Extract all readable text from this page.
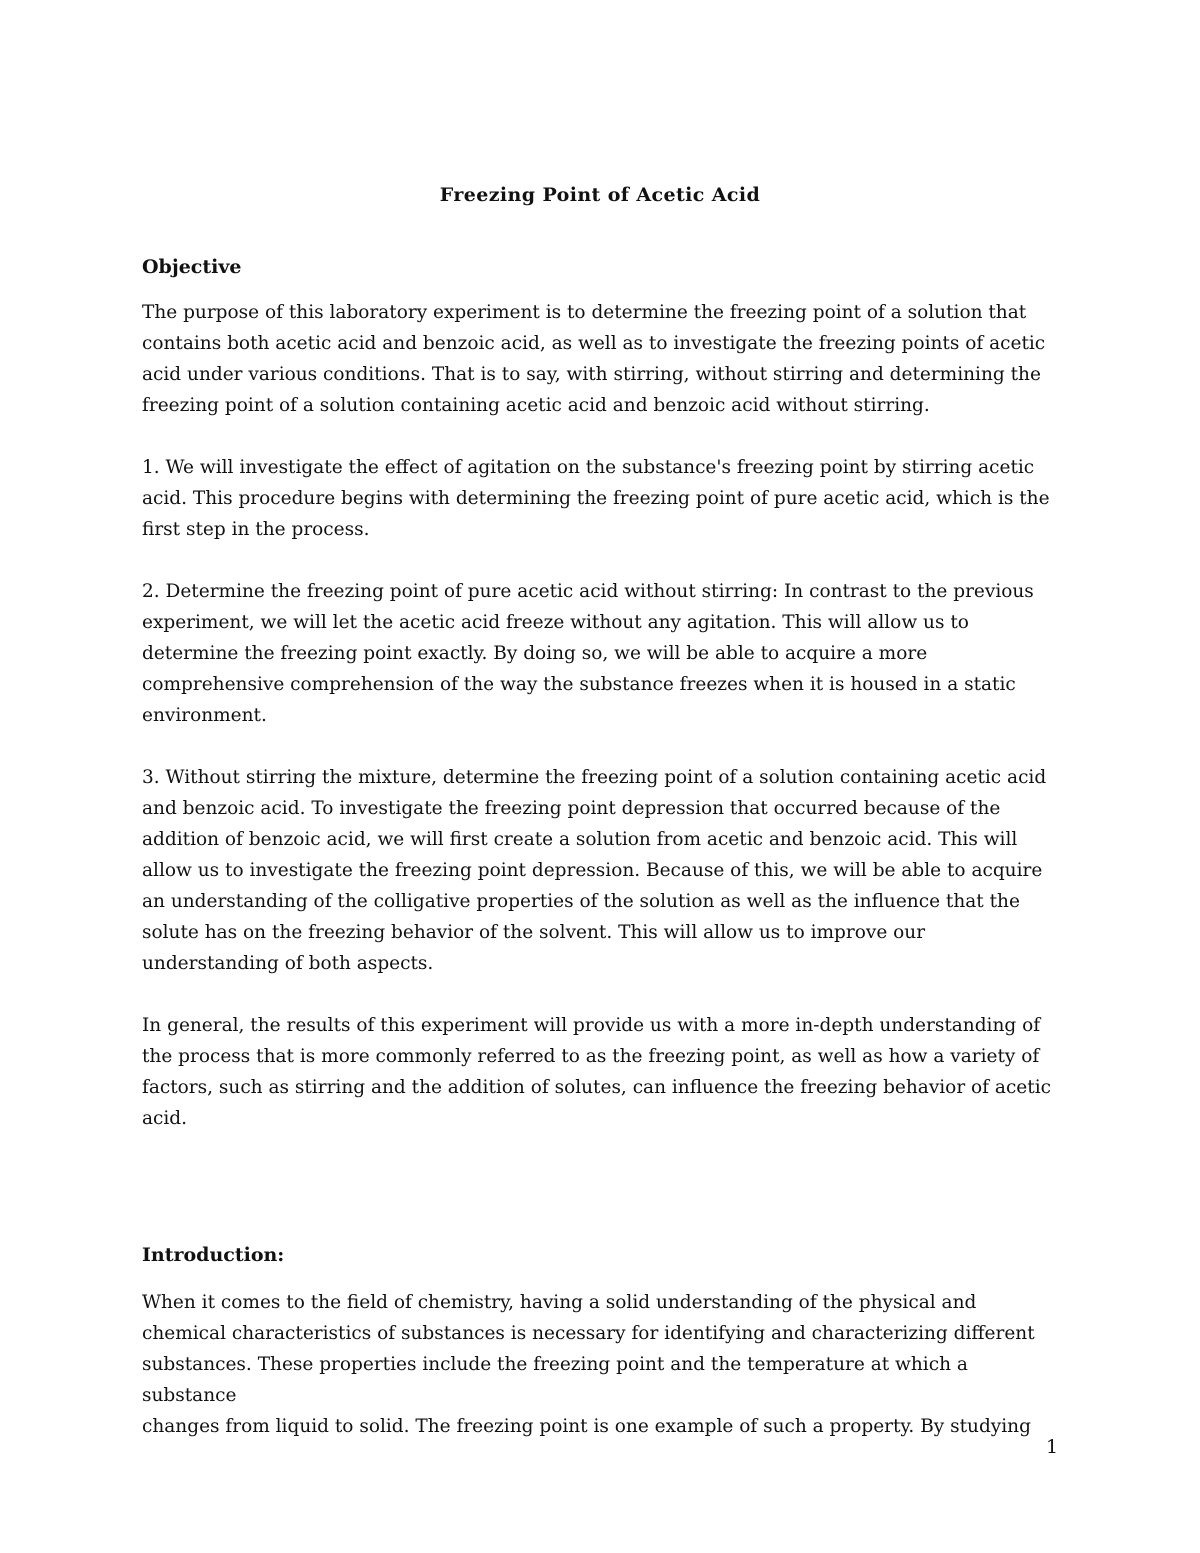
Freezing Point of Acetic Acid
Objective

The purpose of this laboratory experiment is to determine the freezing point of a solution that
contains both acetic acid and benzoic acid, as well as to investigate the freezing points of acetic
acid under various conditions. That is to say, with stirring, without stirring and determining the
freezing point of a solution containing acetic acid and benzoic acid without stirring.

1. We will investigate the effect of agitation on the substance's freezing point by stirring acetic
acid. This procedure begins with determining the freezing point of pure acetic acid, which is the
first step in the process.

2. Determine the freezing point of pure acetic acid without stirring: In contrast to the previous
experiment, we will let the acetic acid freeze without any agitation. This will allow us to
determine the freezing point exactly. By doing so, we will be able to acquire a more
comprehensive comprehension of the way the substance freezes when it is housed in a static
environment.

3. Without stirring the mixture, determine the freezing point of a solution containing acetic acid
and benzoic acid. To investigate the freezing point depression that occurred because of the
addition of benzoic acid, we will first create a solution from acetic and benzoic acid. This will
allow us to investigate the freezing point depression. Because of this, we will be able to acquire
an understanding of the colligative properties of the solution as well as the influence that the
solute has on the freezing behavior of the solvent. This will allow us to improve our
understanding of both aspects.

In general, the results of this experiment will provide us with a more in-depth understanding of
the process that is more commonly referred to as the freezing point, as well as how a variety of
factors, such as stirring and the addition of solutes, can influence the freezing behavior of acetic
acid.

Introduction:

When it comes to the field of chemistry, having a solid understanding of the physical and
chemical characteristics of substances is necessary for identifying and characterizing different
substances. These properties include the freezing point and the temperature at which a substance
changes from liquid to solid. The freezing point is one example of such a property. By studying

1
